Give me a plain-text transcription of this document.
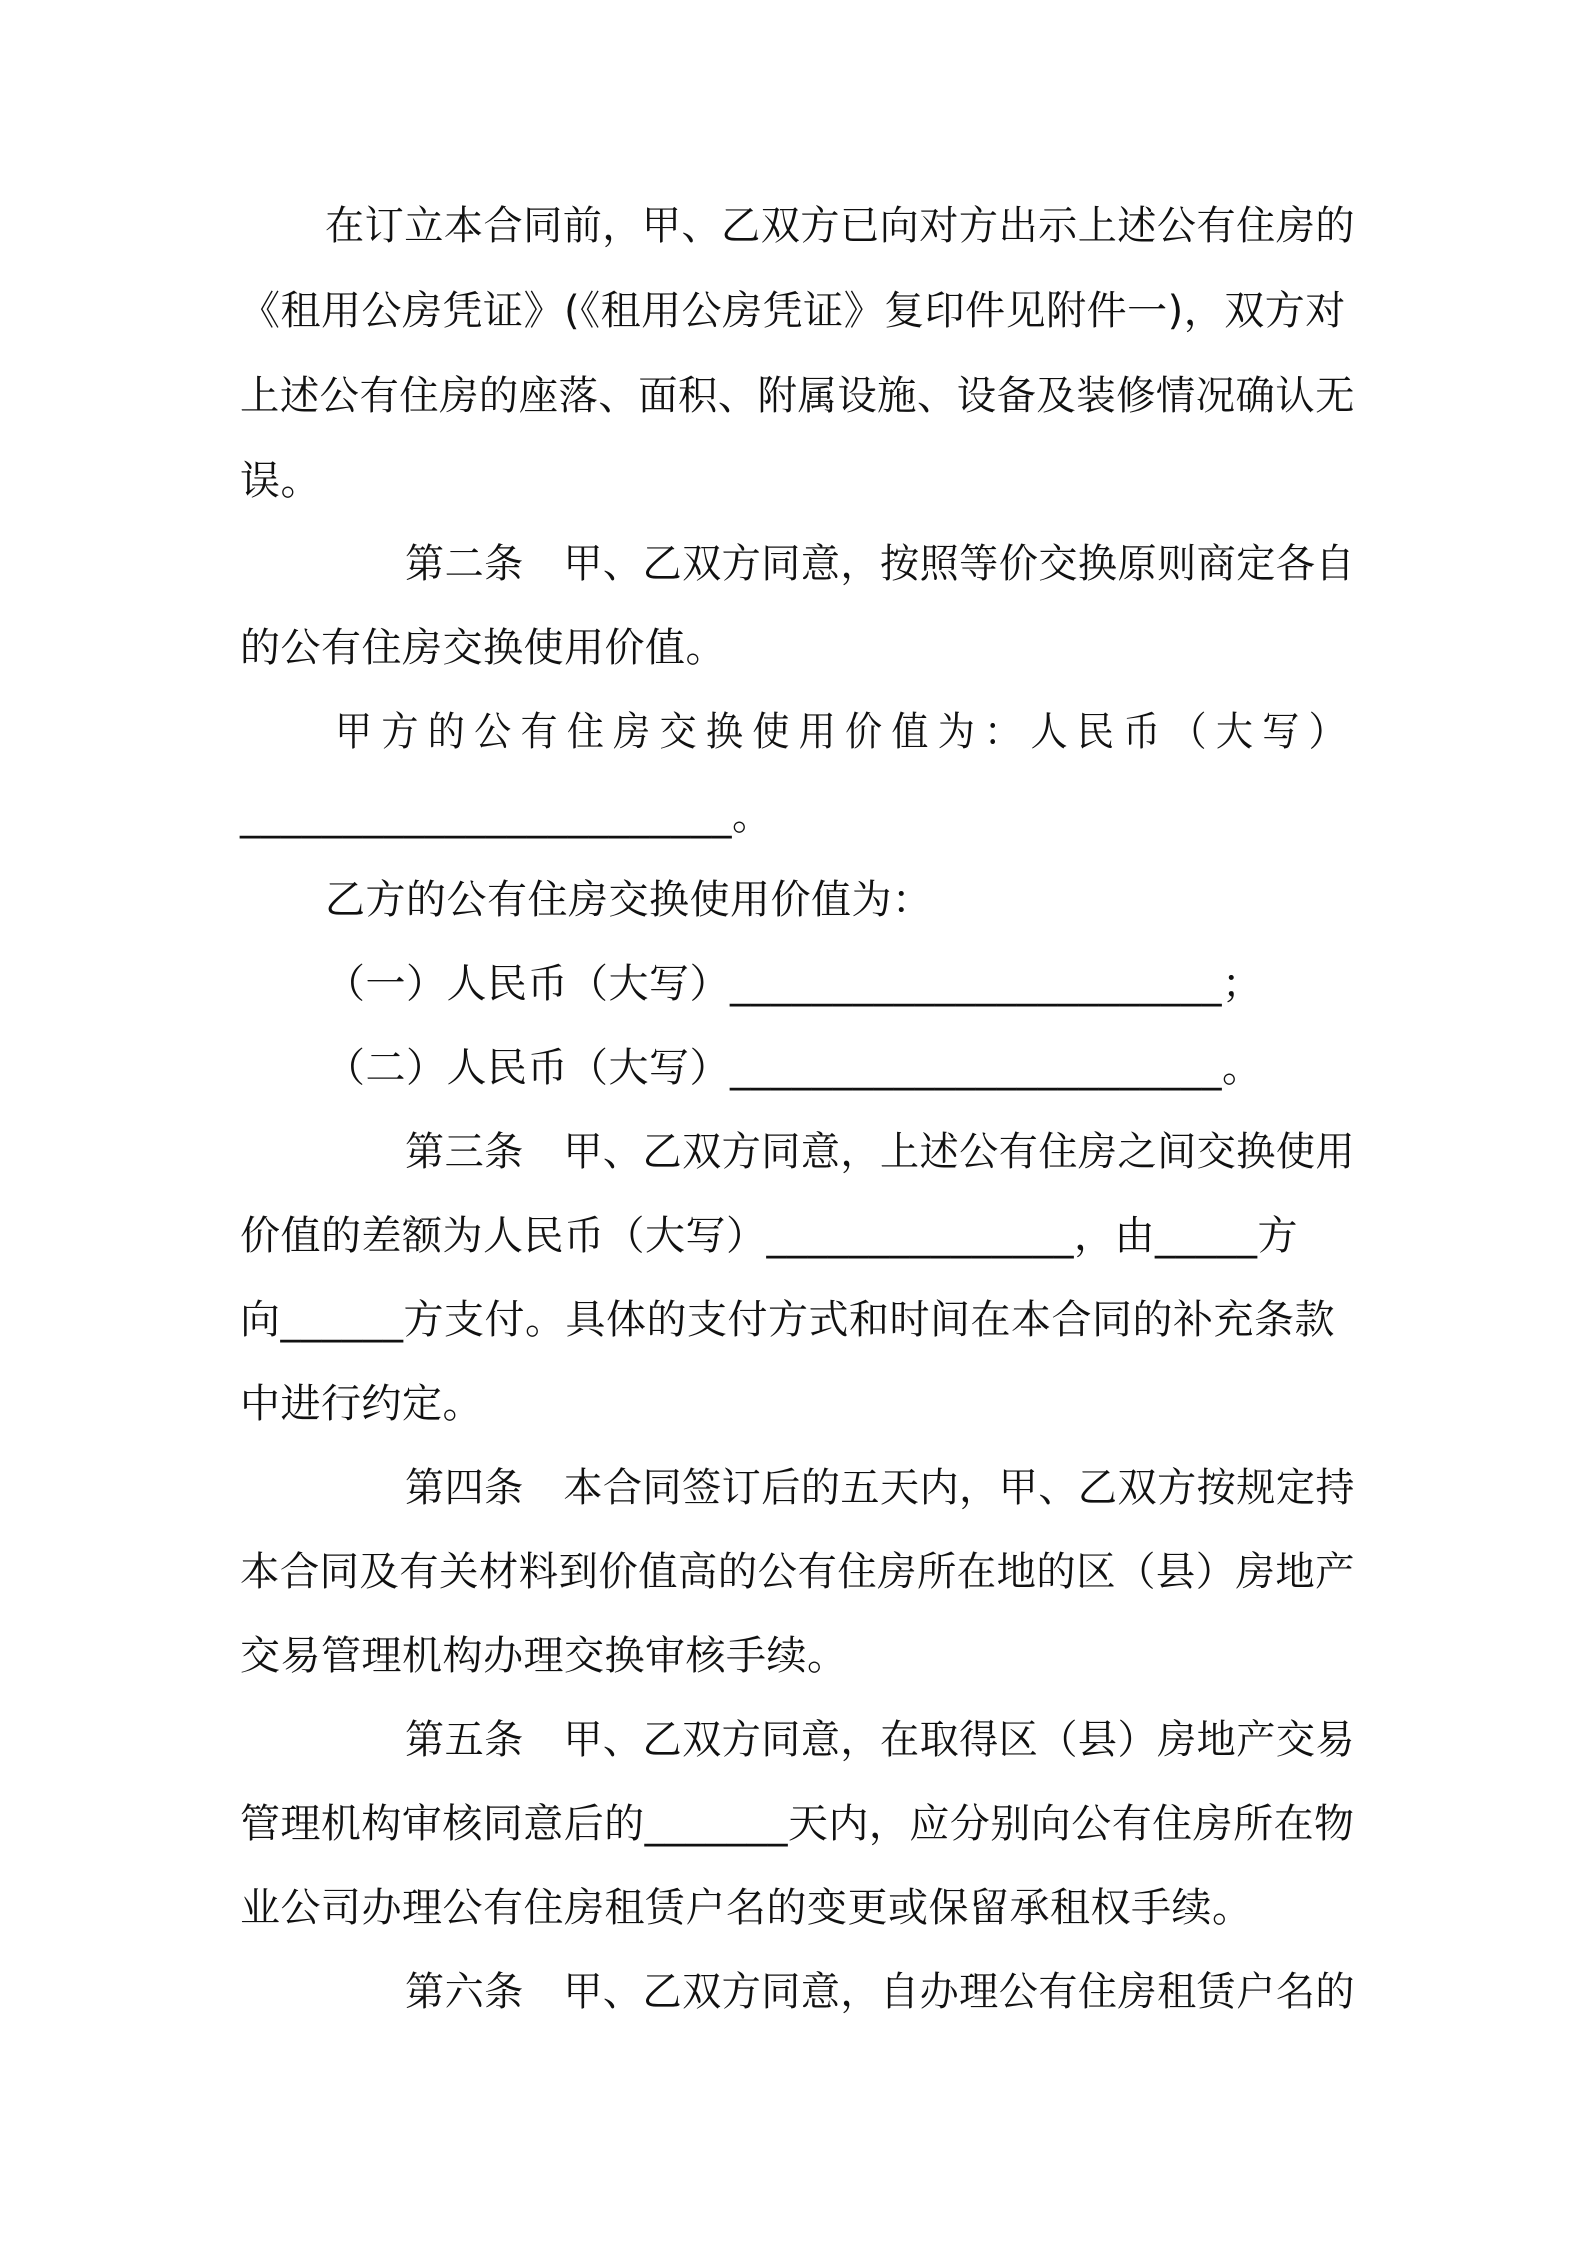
在订立本合同前，甲、乙双方已向对方出示上述公有住房的

《租用公房凭证》(《租用公房凭证》复印件见附件一)，双方对

上述公有住房的座落、面积、附属设施、设备及装修情况确认无

误。

第二条　甲、乙双方同意，按照等价交换原则商定各自

的公有住房交换使用价值。

甲方的公有住房交换使用价值为：人民币（大写）

________________________。

乙方的公有住房交换使用价值为：

（一）人民币（大写）________________________；

（二）人民币（大写）________________________。

第三条　甲、乙双方同意，上述公有住房之间交换使用

价值的差额为人民币（大写）_______________，由_____方

向______方支付。具体的支付方式和时间在本合同的补充条款

中进行约定。

第四条　本合同签订后的五天内，甲、乙双方按规定持

本合同及有关材料到价值高的公有住房所在地的区（县）房地产

交易管理机构办理交换审核手续。

第五条　甲、乙双方同意，在取得区（县）房地产交易

管理机构审核同意后的_______天内，应分别向公有住房所在物

业公司办理公有住房租赁户名的变更或保留承租权手续。

第六条　甲、乙双方同意，自办理公有住房租赁户名的
